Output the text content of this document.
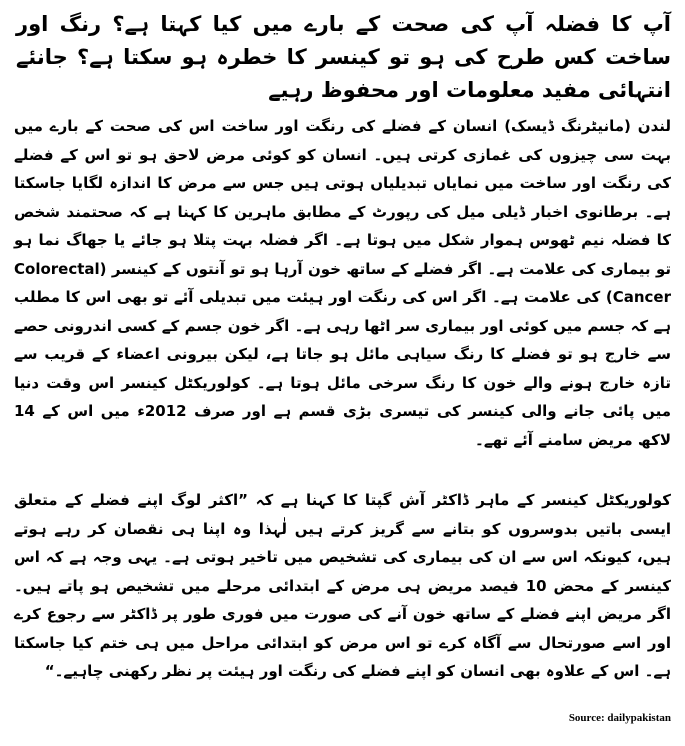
آپ کا فضلہ آپ کی صحت کے بارے میں کیا کہتا ہے؟ رنگ اور ساخت کس طرح کی ہو تو کینسر کا خطرہ ہو سکتا ہے؟ جانئے انتہائی مفید معلومات اور محفوظ رہیے
لندن (مانیٹرنگ ڈیسک) انسان کے فضلے کی رنگت اور ساخت اس کی صحت کے بارے میں بہت سی چیزوں کی غمازی کرتی ہیں۔ انسان کو کوئی مرض لاحق ہو تو اس کے فضلے کی رنگت اور ساخت میں نمایاں تبدیلیاں ہوتی ہیں جس سے مرض کا اندازہ لگایا جاسکتا ہے۔ برطانوی اخبار ڈیلی میل کی رپورٹ کے مطابق ماہرین کا کہنا ہے کہ صحتمند شخص کا فضلہ نیم ٹھوس ہموار شکل میں ہوتا ہے۔ اگر فضلہ بہت پتلا ہو جائے یا جھاگ نما ہو تو بیماری کی علامت ہے۔ اگر فضلے کے ساتھ خون آرہا ہو تو آنتوں کے کینسر (Colorectal Cancer) کی علامت ہے۔ اگر اس کی رنگت اور ہیئت میں تبدیلی آئے تو بھی اس کا مطلب ہے کہ جسم میں کوئی اور بیماری سر اٹھا رہی ہے۔ اگر خون جسم کے کسی اندرونی حصے سے خارج ہو تو فضلے کا رنگ سیاہی مائل ہو جاتا ہے، لیکن بیرونی اعضاء کے قریب سے تازہ خارج ہونے والے خون کا رنگ سرخی مائل ہوتا ہے۔ کولوریکٹل کینسر اس وقت دنیا میں پائی جانے والی کینسر کی تیسری بڑی قسم ہے اور صرف 2012ء میں اس کے 14 لاکھ مریض سامنے آئے تھے۔
کولوریکٹل کینسر کے ماہر ڈاکٹر آش گپتا کا کہنا ہے کہ ”اکثر لوگ اپنے فضلے کے متعلق ایسی باتیں بدوسروں کو بتانے سے گریز کرتے ہیں لٰہذا وہ اپنا ہی نقصان کر رہے ہوتے ہیں، کیونکہ اس سے ان کی بیماری کی تشخیص میں تاخیر ہوتی ہے۔ یہی وجہ ہے کہ اس کینسر کے محض 10 فیصد مریض ہی مرض کے ابتدائی مرحلے میں تشخیص ہو پاتے ہیں۔ اگر مریض اپنے فضلے کے ساتھ خون آنے کی صورت میں فوری طور پر ڈاکٹر سے رجوع کرے اور اسے صورتحال سے آگاہ کرے تو اس مرض کو ابتدائی مراحل میں ہی ختم کیا جاسکتا ہے۔ اس کے علاوہ بھی انسان کو اپنے فضلے کی رنگت اور ہیئت پر نظر رکھنی چاہیے۔“
Source: dailypakistan
